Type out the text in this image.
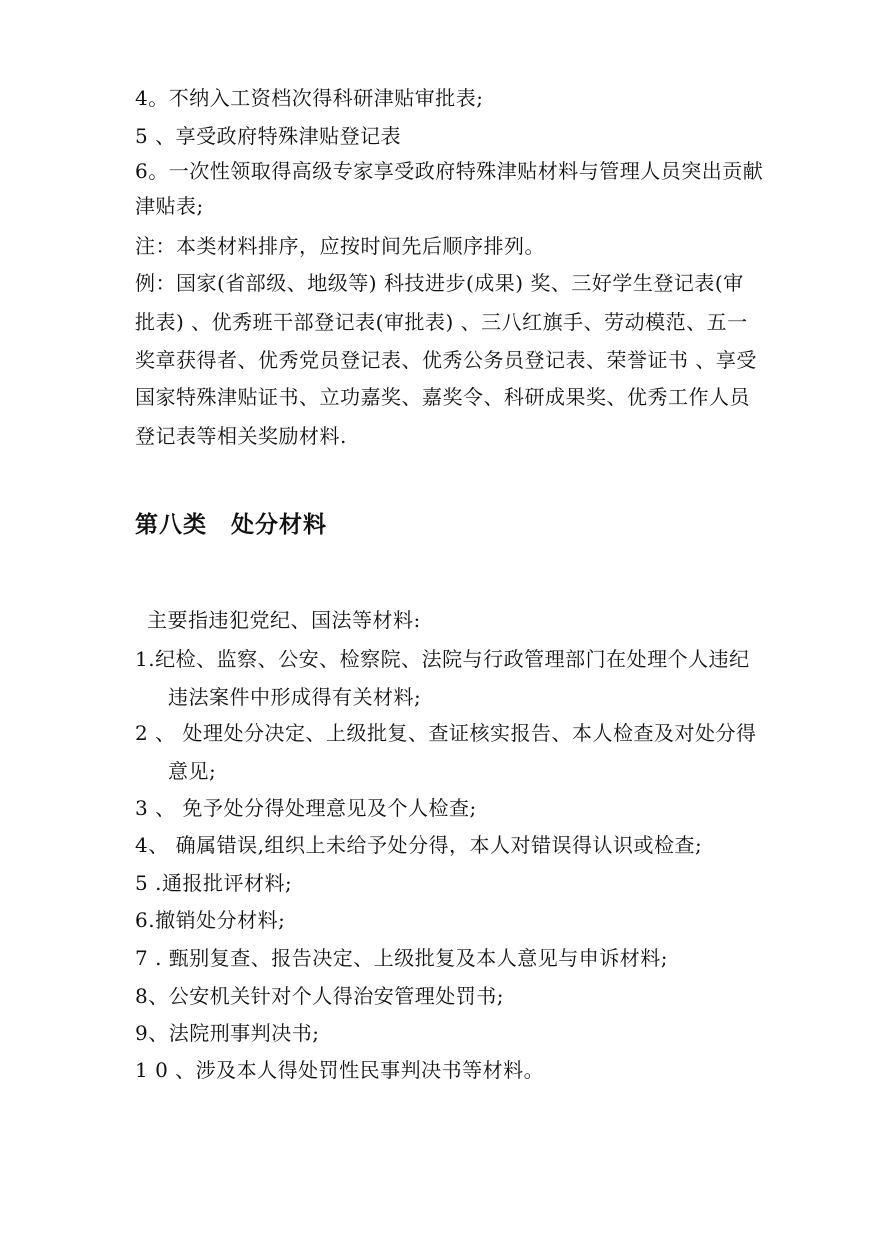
4。不纳入工资档次得科研津贴审批表;
5 、享受政府特殊津贴登记表
6。一次性领取得高级专家享受政府特殊津贴材料与管理人员突出贡献
津贴表;
注：本类材料排序，应按时间先后顺序排列。
例：国家(省部级、地级等) 科技进步(成果) 奖、三好学生登记表(审
批表) 、优秀班干部登记表(审批表) 、三八红旗手、劳动模范、五一
奖章获得者、优秀党员登记表、优秀公务员登记表、荣誉证书 、享受
国家特殊津贴证书、立功嘉奖、嘉奖令、科研成果奖、优秀工作人员
登记表等相关奖励材料.
第八类　处分材料
主要指违犯党纪、国法等材料:
1.纪检、监察、公安、检察院、法院与行政管理部门在处理个人违纪
违法案件中形成得有关材料;
2 、 处理处分决定、上级批复、查证核实报告、本人检查及对处分得
意见;
3 、 免予处分得处理意见及个人检查;
4、 确属错误,组织上未给予处分得，本人对错误得认识或检查;
5 .通报批评材料;
6.撤销处分材料;
7 . 甄别复查、报告决定、上级批复及本人意见与申诉材料;
8、公安机关针对个人得治安管理处罚书;
9、法院刑事判决书;
1 0 、涉及本人得处罚性民事判决书等材料。
